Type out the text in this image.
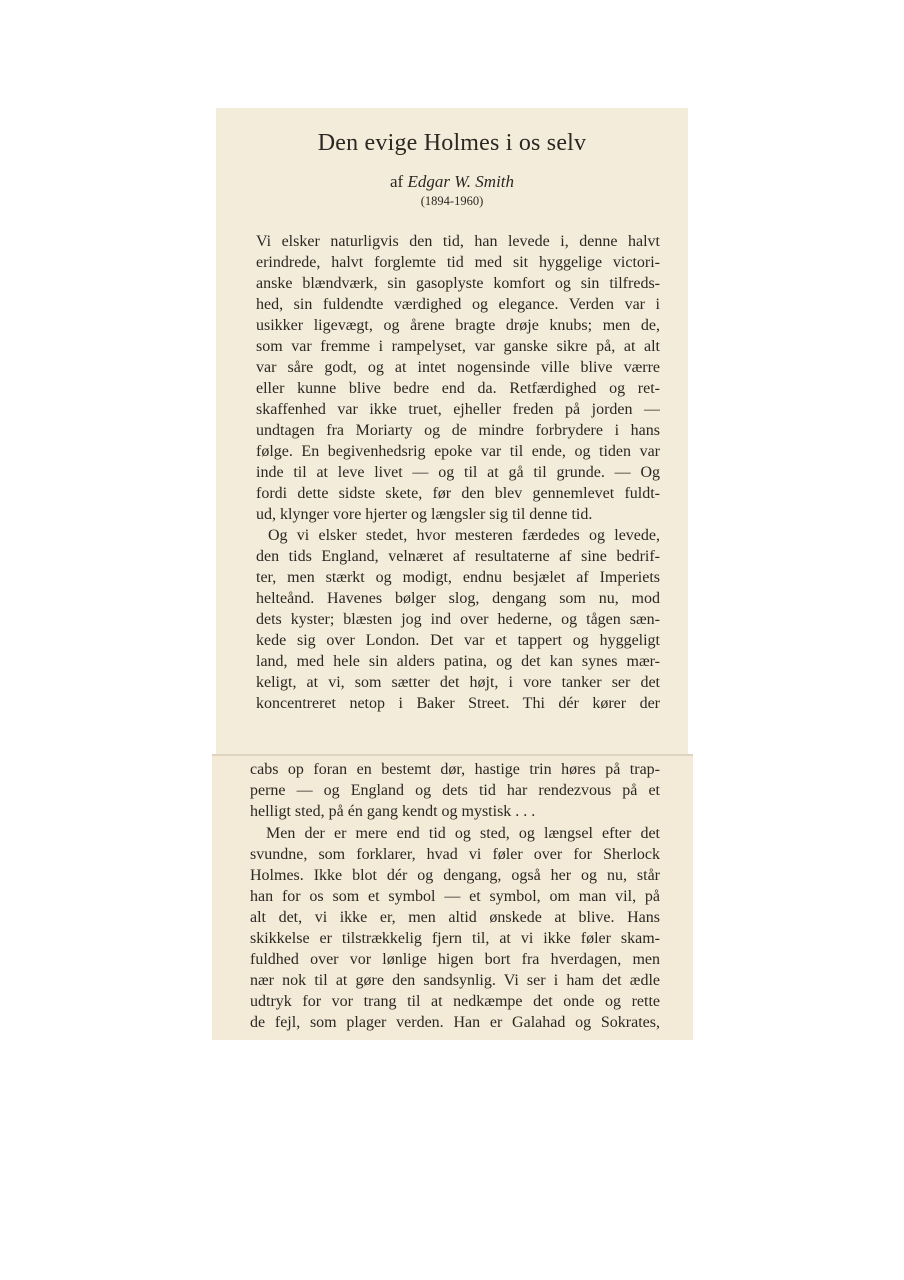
Den evige Holmes i os selv
af Edgar W. Smith
(1894-1960)
Vi elsker naturligvis den tid, han levede i, denne halvt
erindrede, halvt forglemte tid med sit hyggelige victori-
anske blændværk, sin gasoplyste komfort og sin tilfreds-
hed, sin fuldendte værdighed og elegance. Verden var i
usikker ligevægt, og årene bragte drøje knubs; men de,
som var fremme i rampelyset, var ganske sikre på, at alt
var såre godt, og at intet nogensinde ville blive værre
eller kunne blive bedre end da. Retfærdighed og ret-
skaffenhed var ikke truet, ejheller freden på jorden —
undtagen fra Moriarty og de mindre forbrydere i hans
følge. En begivenhedsrig epoke var til ende, og tiden var
inde til at leve livet — og til at gå til grunde. — Og
fordi dette sidste skete, før den blev gennemlevet fuldt-
ud, klynger vore hjerter og længsler sig til denne tid.
Og vi elsker stedet, hvor mesteren færdedes og levede,
den tids England, velnæret af resultaterne af sine bedrif-
ter, men stærkt og modigt, endnu besjælet af Imperiets
helteånd. Havenes bølger slog, dengang som nu, mod
dets kyster; blæsten jog ind over hederne, og tågen sæn-
kede sig over London. Det var et tappert og hyggeligt
land, med hele sin alders patina, og det kan synes mær-
keligt, at vi, som sætter det højt, i vore tanker ser det
koncentreret netop i Baker Street. Thi dér kører der
cabs op foran en bestemt dør, hastige trin høres på trap-
perne — og England og dets tid har rendezvous på et
helligt sted, på én gang kendt og mystisk . . .
Men der er mere end tid og sted, og længsel efter det
svundne, som forklarer, hvad vi føler over for Sherlock
Holmes. Ikke blot dér og dengang, også her og nu, står
han for os som et symbol — et symbol, om man vil, på
alt det, vi ikke er, men altid ønskede at blive. Hans
skikkelse er tilstrækkelig fjern til, at vi ikke føler skam-
fuldhed over vor lønlige higen bort fra hverdagen, men
nær nok til at gøre den sandsynlig. Vi ser i ham det ædle
udtryk for vor trang til at nedkæmpe det onde og rette
de fejl, som plager verden. Han er Galahad og Sokrates,
